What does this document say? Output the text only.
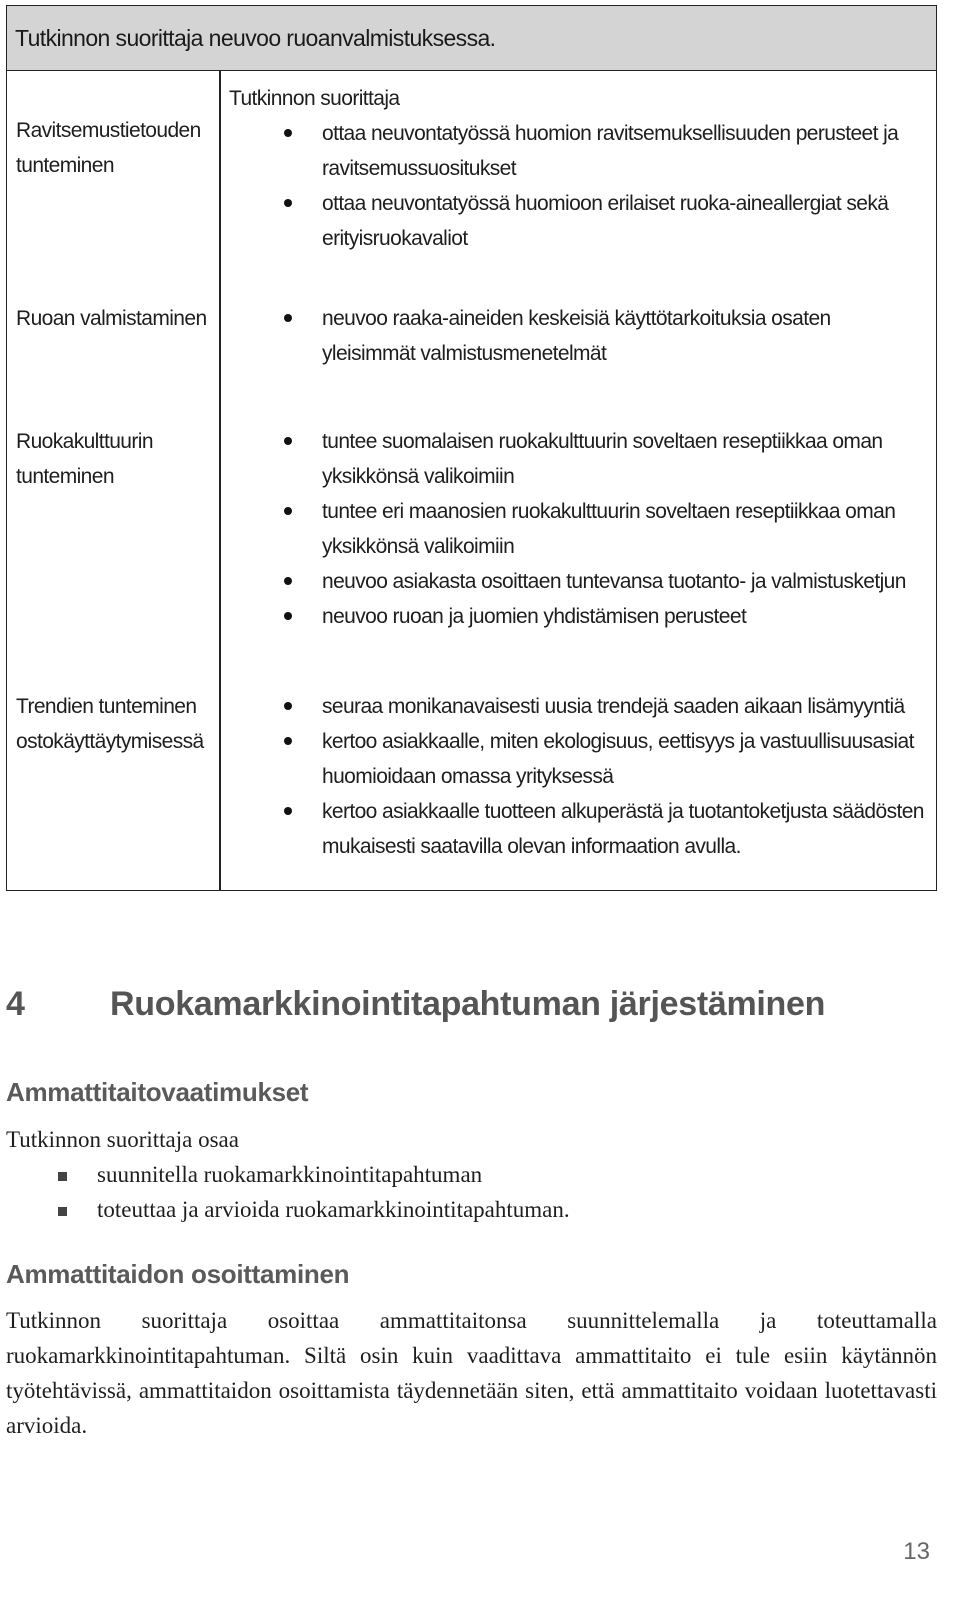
Tutkinnon suorittaja neuvoo ruoanvalmistuksessa.
Ravitsemustietouden tunteminen
Tutkinnon suorittaja
ottaa neuvontatyössä huomion ravitsemuksellisuuden perusteet ja ravitsemussuositukset
ottaa neuvontatyössä huomioon erilaiset ruoka-aineallergiat sekä erityisruokavaliot
Ruoan valmistaminen	neuvoo raaka-aineiden keskeisiä käyttötarkoituksia osaten yleisimmät valmistusmenetelmät
Ruokakulttuurin tunteminen
tuntee suomalaisen ruokakulttuurin soveltaen reseptiikkaa oman yksikkönsä valikoimiin
tuntee eri maanosien ruokakulttuurin soveltaen reseptiikkaa oman yksikkönsä valikoimiin
neuvoo asiakasta osoittaen tuntevansa tuotanto- ja valmistusketjun
neuvoo ruoan ja juomien yhdistämisen perusteet
Trendien tunteminen ostokäyttäytymisessä
seuraa monikanavaisesti uusia trendejä saaden aikaan lisämyyntiä
kertoo asiakkaalle, miten ekologisuus, eettisyys ja vastuullisuusasiat huomioidaan omassa yrityksessä
kertoo asiakkaalle tuotteen alkuperästä ja tuotantoketjusta säädösten mukaisesti saatavilla olevan informaation avulla.
4	Ruokamarkkinointitapahtuman järjestäminen
Ammattitaitovaatimukset
Tutkinnon suorittaja osaa
suunnitella ruokamarkkinointitapahtuman
toteuttaa ja arvioida ruokamarkkinointitapahtuman.
Ammattitaidon osoittaminen
Tutkinnon suorittaja osoittaa ammattitaitonsa suunnittelemalla ja toteuttamalla ruokamarkkinointitapahtuman. Siltä osin kuin vaadittava ammattitaito ei tule esiin käytännön työtehtävissä, ammattitaidon osoittamista täydennetään siten, että ammattitaito voidaan luotettavasti arvioida.
13
